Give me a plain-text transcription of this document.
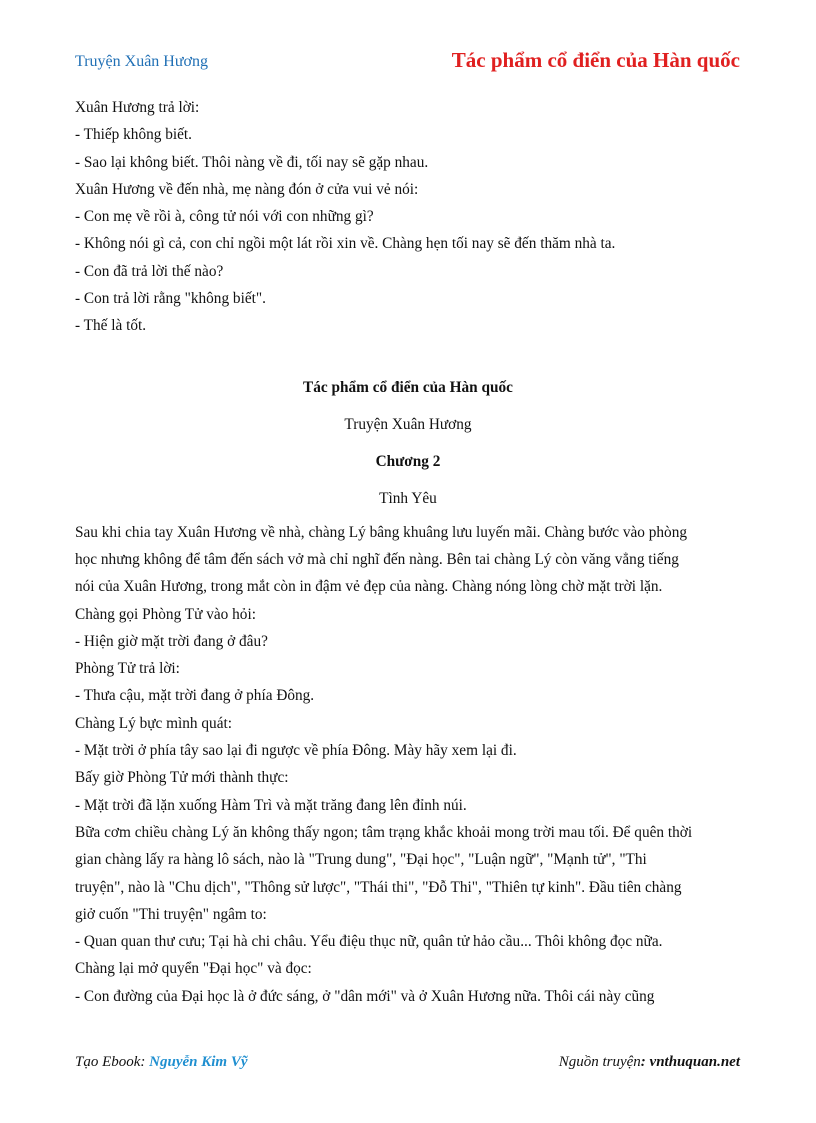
Truyện Xuân Hương	Tác phẩm cổ điển của Hàn quốc
Xuân Hương trả lời:
- Thiếp không biết.
- Sao lại không biết. Thôi nàng về đi, tối nay sẽ gặp nhau.
Xuân Hương về đến nhà, mẹ nàng đón ở cửa vui vẻ nói:
- Con mẹ về rồi à, công tử nói với con những gì?
- Không nói gì cả, con chỉ ngồi một lát rồi xin về. Chàng hẹn tối nay sẽ đến thăm nhà ta.
- Con đã trả lời thế nào?
- Con trả lời rằng "không biết".
- Thế là tốt.
Tác phẩm cổ điển của Hàn quốc
Truyện Xuân Hương
Chương 2
Tình Yêu
Sau khi chia tay Xuân Hương về nhà, chàng Lý bâng khuâng lưu luyến mãi. Chàng bước vào phòng
học nhưng không để tâm đến sách vở mà chỉ nghĩ đến nàng. Bên tai chàng Lý còn văng vẳng tiếng
nói của Xuân Hương, trong mắt còn in đậm vẻ đẹp của nàng. Chàng nóng lòng chờ mặt trời lặn.
Chàng gọi Phòng Tử vào hỏi:
- Hiện giờ mặt trời đang ở đâu?
Phòng Tử trả lời:
- Thưa cậu, mặt trời đang ở phía Đông.
Chàng Lý bực mình quát:
- Mặt trời ở phía tây sao lại đi ngược về phía Đông. Mày hãy xem lại đi.
Bấy giờ Phòng Tử mới thành thực:
- Mặt trời đã lặn xuống Hàm Trì và mặt trăng đang lên đỉnh núi.
Bữa cơm chiều chàng Lý ăn không thấy ngon; tâm trạng khắc khoải mong trời mau tối. Để quên thời
gian chàng lấy ra hàng lô sách, nào là "Trung dung", "Đại học", "Luận ngữ", "Mạnh tử", "Thi
truyện", nào là "Chu dịch", "Thông sử lược", "Thái thi", "Đỗ Thi", "Thiên tự kinh". Đầu tiên chàng
giở cuốn "Thi truyện" ngâm to:
- Quan quan thư cưu; Tại hà chi châu. Yểu điệu thục nữ, quân tử hảo cầu... Thôi không đọc nữa.
Chàng lại mở quyển "Đại học" và đọc:
- Con đường của Đại học là ở đức sáng, ở "dân mới" và ở Xuân Hương nữa. Thôi cái này cũng
Tạo Ebook: Nguyễn Kim Vỹ	Nguồn truyện: vnthuquan.net
